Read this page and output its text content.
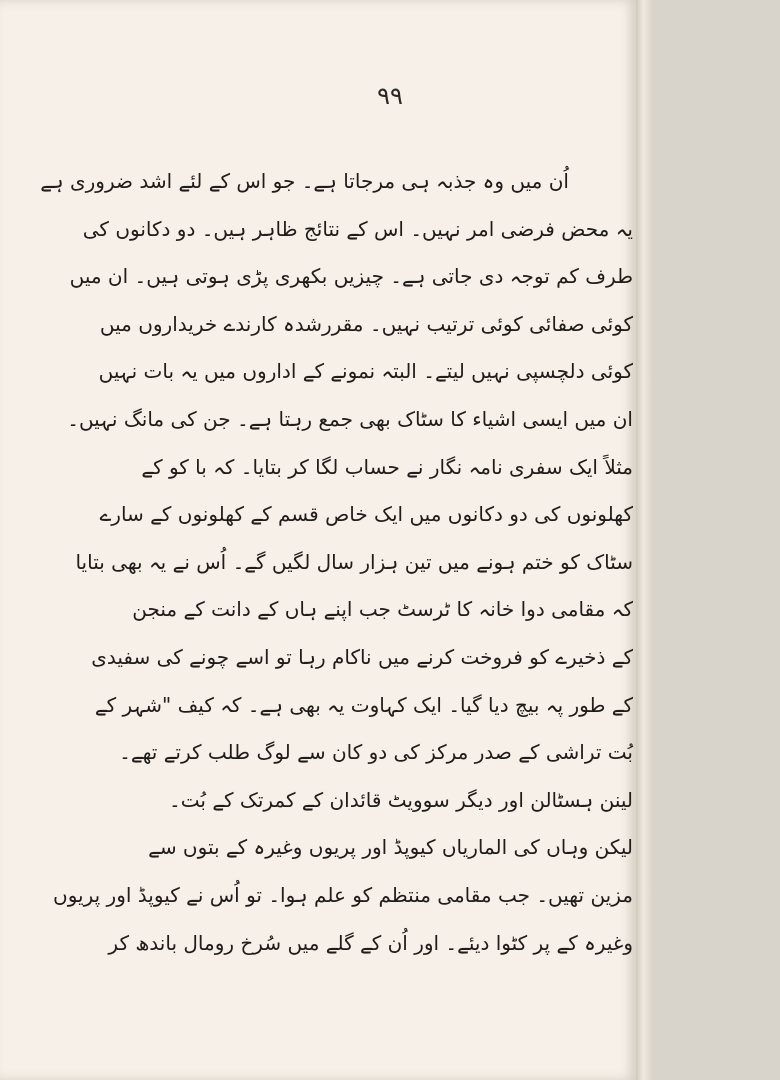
۹۹
اُن میں وہ جذبہ ہی مرجاتا ہے۔ جو اس کے لئے اشد ضروری ہے
یہ محض فرضی امر نہیں۔ اس کے نتائج ظاہر ہیں۔ دو دکانوں کی
طرف کم توجہ دی جاتی ہے۔ چیزیں بکھری پڑی ہوتی ہیں۔ ان میں
کوئی صفائی کوئی ترتیب نہیں۔ مقررشدہ کارندے خریداروں میں
کوئی دلچسپی نہیں لیتے۔ البتہ نمونے کے اداروں میں یہ بات نہیں
ان میں ایسی اشیاء کا سٹاک بھی جمع رہتا ہے۔ جن کی مانگ نہیں۔
مثلاً ایک سفری نامہ نگار نے حساب لگا کر بتایا۔ کہ با کو کے
کھلونوں کی دو دکانوں میں ایک خاص قسم کے کھلونوں کے سارے
سٹاک کو ختم ہونے میں تین ہزار سال لگیں گے۔ اُس نے یہ بھی بتایا
کہ مقامی دوا خانہ کا ٹرسٹ جب اپنے ہاں کے دانت کے منجن
کے ذخیرے کو فروخت کرنے میں ناکام رہا تو اسے چونے کی سفیدی
کے طور پہ بیچ دیا گیا۔ ایک کہاوت یہ بھی ہے۔ کہ کیف "شہر کے
بُت تراشی کے صدر مرکز کی دو کان سے لوگ طلب کرتے تھے۔
لینن ہسٹالن اور دیگر سوویٹ قائدان کے کمرتک کے بُت۔
لیکن وہاں کی الماریاں کیوپڈ اور پریوں وغیرہ کے بتوں سے
مزین تھیں۔ جب مقامی منتظم کو علم ہوا۔ تو اُس نے کیوپڈ اور پریوں
وغیرہ کے پر کٹوا دیئے۔ اور اُن کے گلے میں سُرخ رومال باندھ کر
